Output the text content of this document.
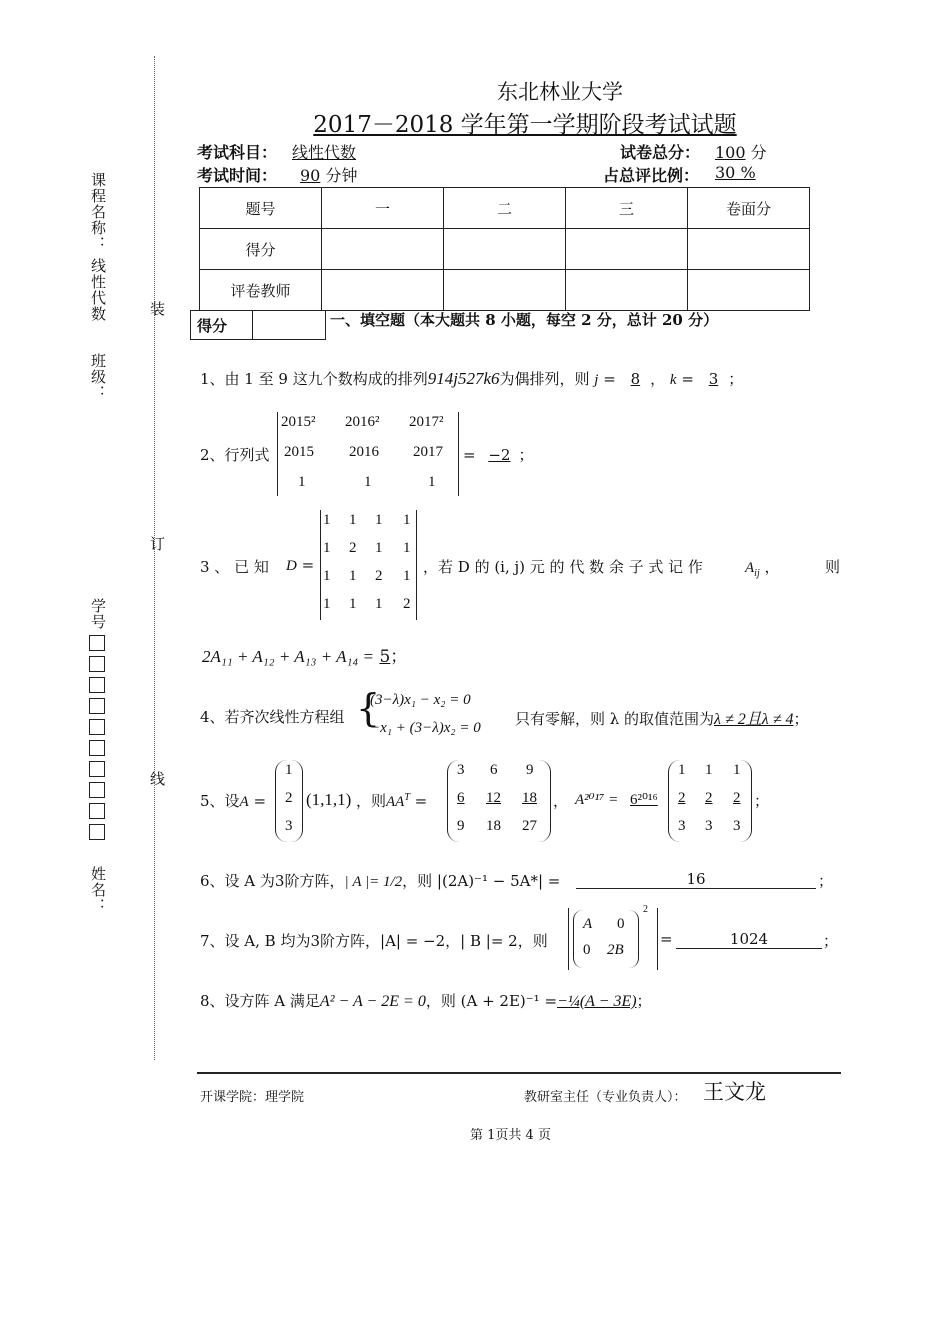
课程名称：
线性代数
班级：
学号
姓名：
装
订
线
东北林业大学
2017－2018 学年第一学期阶段考试试题
考试科目： 线性代数	试卷总分： 100 分
考试时间： 90 分钟	占总评比例： 30 %
题号	一	二	三	卷面分
得分				
评卷教师				
得分		一、填空题（本大题共 8 小题，每空 2 分，总计 20 分）
1、由 1 至 9 这九个数构成的排列914j527k6为偶排列，则 j = 8 ， k = 3 ；
2、行列式
2015² 2016² 2017²
2015 2016 2017
1	1	1
= −2 ；
3 、 已 知 D =
1 1 1 1
1 2 1 1
1 1 2 1
1 1 1 2
，若 D 的 (i, j) 元 的 代 数 余 子 式 记 作	$A_{ij}$ ，	则
2A₁₁ + A₁₂ + A₁₃ + A₁₄ = 5；
4、若齐次线性方程组 {
(3−λ)x₁ − x₂ = 0
−x₁ + (3−λ)x₂ = 0 只有零解，则 λ 的取值范围为λ ≠ 2且λ ≠ 4；
5、设A =
1
2
3
(1,1,1) ，则$AA^T$ =
3 6 9
6 12 18
9 18 27
， A²⁰¹⁷ = 6²⁰¹⁶
1 1 1
2 2 2
3 3 3
；
6、设 A 为3阶方阵，| A |= 1/2，则 |(2A)⁻¹ − 5A*| =	16	；
7、设 A, B 均为3阶方阵，|A| = −2，| B |= 2，则
A 0
0 2B
2
=	1024	；
8、设方阵 A 满足A² − A − 2E = 0，则 (A + 2E)⁻¹ =−¼(A − 3E)；
开课学院：理学院	教研室主任（专业负责人）： 王文龙
第 1页共 4 页
